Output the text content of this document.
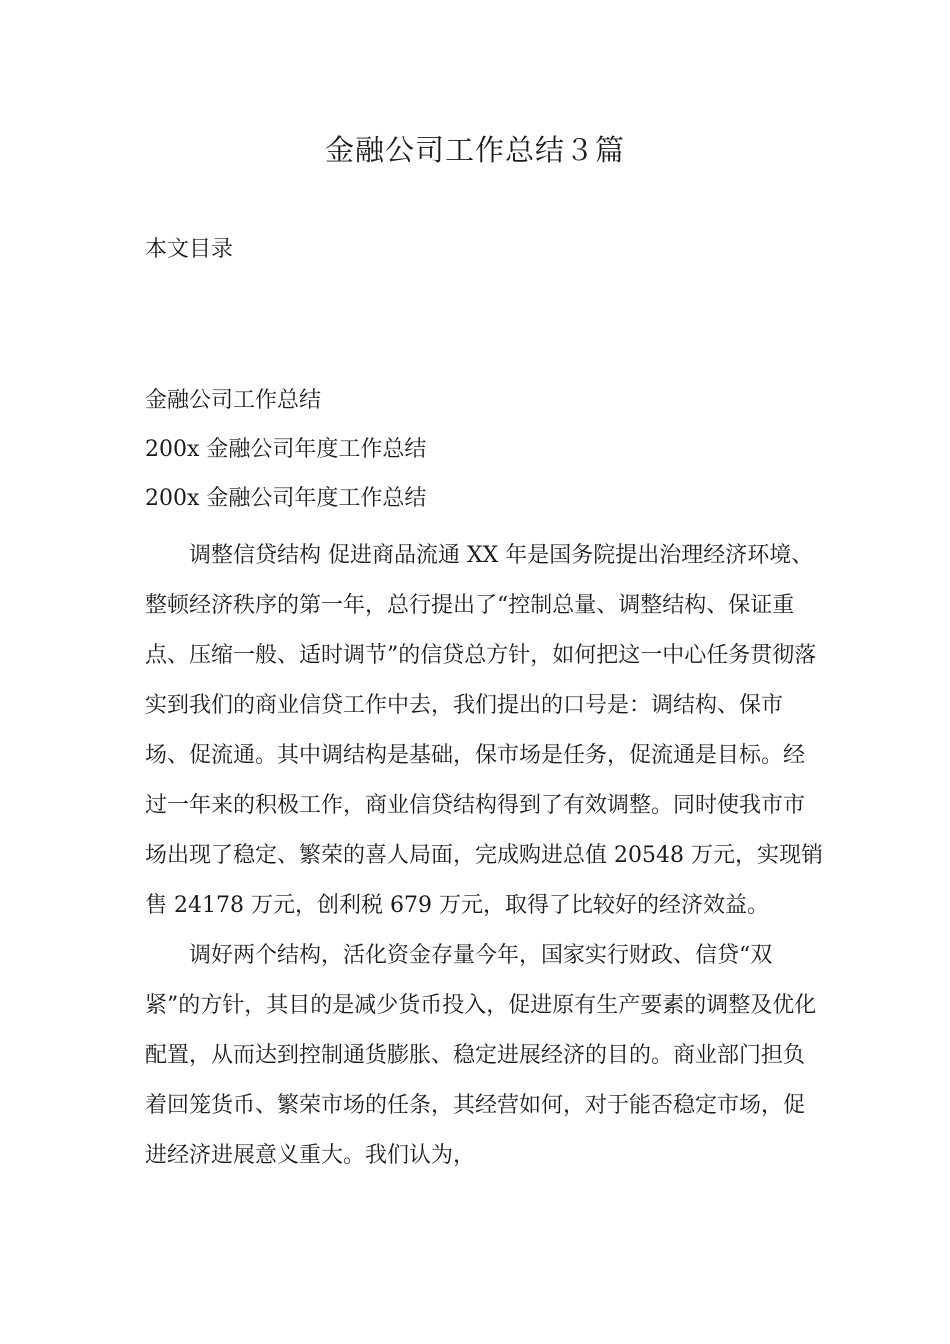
金融公司工作总结３篇
本文目录
金融公司工作总结
200x 金融公司年度工作总结
200x 金融公司年度工作总结

调整信贷结构 促进商品流通 XX 年是国务院提出治理经济环境、整顿经济秩序的第一年，总行提出了“控制总量、调整结构、保证重点、压缩一般、适时调节”的信贷总方针，如何把这一中心任务贯彻落实到我们的商业信贷工作中去，我们提出的口号是：调结构、保市场、促流通。其中调结构是基础，保市场是任务，促流通是目标。经过一年来的积极工作，商业信贷结构得到了有效调整。同时使我市市场出现了稳定、繁荣的喜人局面，完成购进总值 20548 万元，实现销售 24178 万元，创利税 679 万元，取得了比较好的经济效益。

调好两个结构，活化资金存量今年，国家实行财政、信贷“双紧”的方针，其目的是减少货币投入，促进原有生产要素的调整及优化配置，从而达到控制通货膨胀、稳定进展经济的目的。商业部门担负着回笼货币、繁荣市场的任条，其经营如何，对于能否稳定市场，促进经济进展意义重大。我们认为，
